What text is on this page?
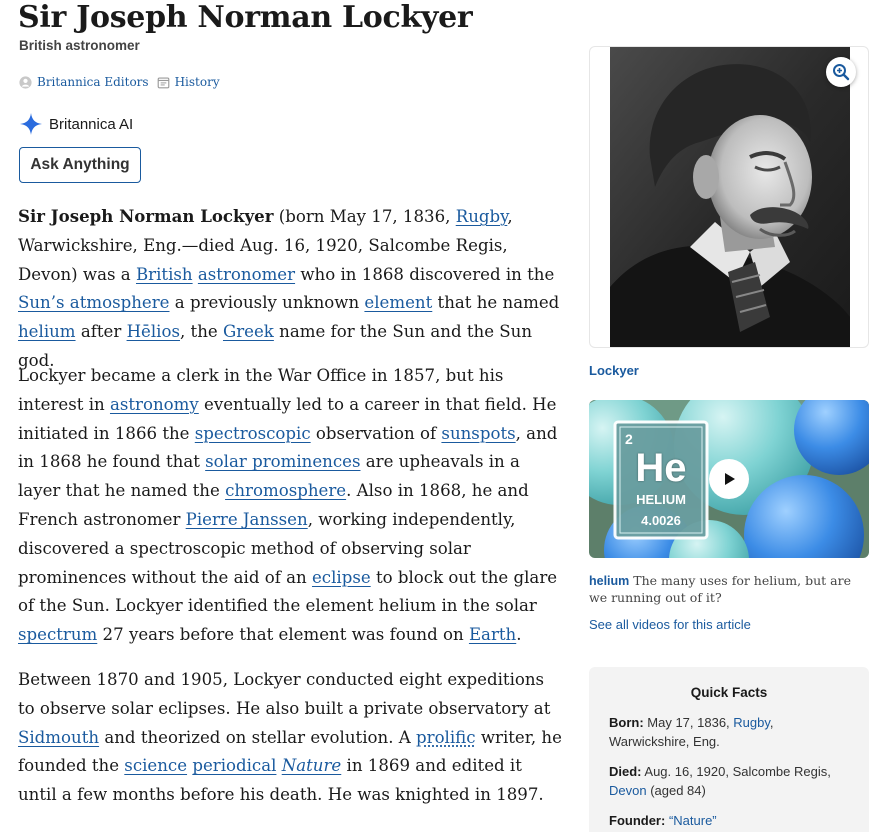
Sir Joseph Norman Lockyer
British astronomer
Britannica Editors History
Britannica AI
Ask Anything

Sir Joseph Norman Lockyer (born May 17, 1836, Rugby, Warwickshire, Eng.—died Aug. 16, 1920, Salcombe Regis, Devon) was a British astronomer who in 1868 discovered in the Sun’s atmosphere a previously unknown element that he named helium after Hēlios, the Greek name for the Sun and the Sun god.

Lockyer became a clerk in the War Office in 1857, but his interest in astronomy eventually led to a career in that field. He initiated in 1866 the spectroscopic observation of sunspots, and in 1868 he found that solar prominences are upheavals in a layer that he named the chromosphere. Also in 1868, he and French astronomer Pierre Janssen, working independently, discovered a spectroscopic method of observing solar prominences without the aid of an eclipse to block out the glare of the Sun. Lockyer identified the element helium in the solar spectrum 27 years before that element was found on Earth.

Between 1870 and 1905, Lockyer conducted eight expeditions to observe solar eclipses. He also built a private observatory at Sidmouth and theorized on stellar evolution. A prolific writer, he founded the science periodical Nature in 1869 and edited it until a few months before his death. He was knighted in 1897.

Lockyer
2
He
HELIUM
4.0026
helium The many uses for helium, but are we running out of it?
See all videos for this article
Quick Facts
Born: May 17, 1836, Rugby, Warwickshire, Eng.
Died: Aug. 16, 1920, Salcombe Regis, Devon (aged 84)
Founder: “Nature”
